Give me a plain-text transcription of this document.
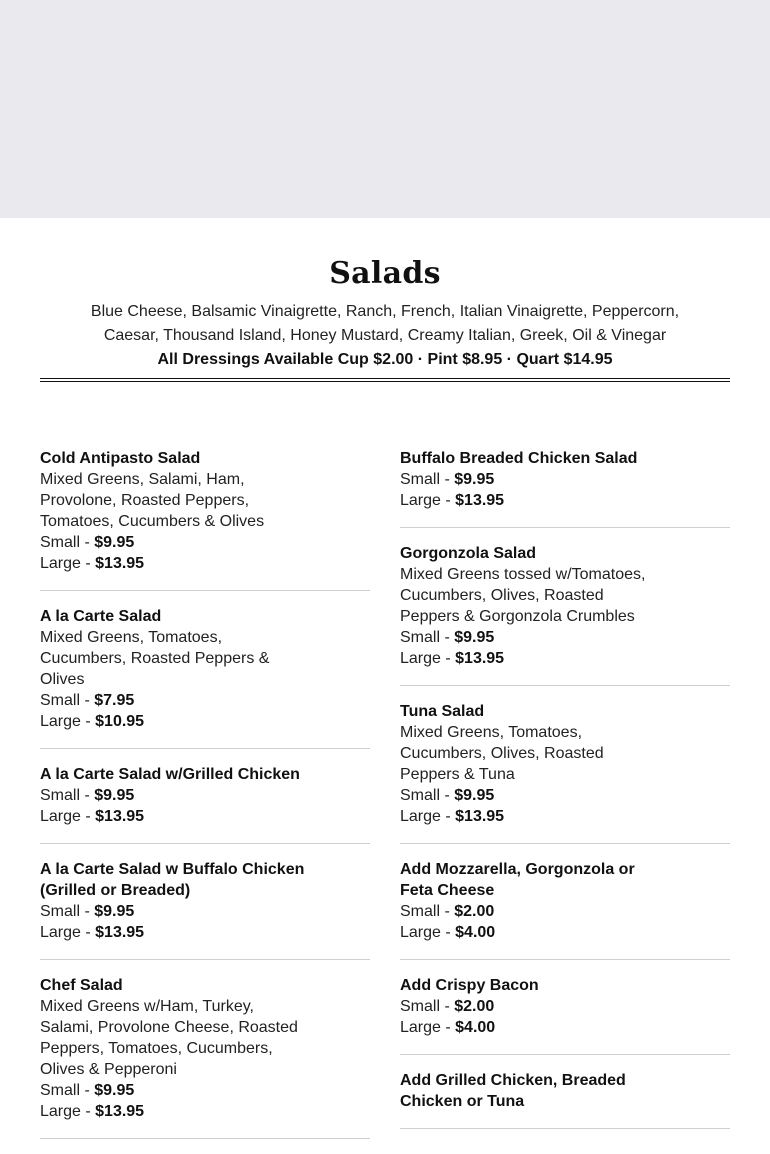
Salads
Blue Cheese, Balsamic Vinaigrette, Ranch, French, Italian Vinaigrette, Peppercorn,
Caesar, Thousand Island, Honey Mustard, Creamy Italian, Greek, Oil & Vinegar
All Dressings Available Cup $2.00 · Pint $8.95 · Quart $14.95
Cold Antipasto Salad
Mixed Greens, Salami, Ham, Provolone, Roasted Peppers, Tomatoes, Cucumbers & Olives
Small - $9.95
Large - $13.95
A la Carte Salad
Mixed Greens, Tomatoes, Cucumbers, Roasted Peppers & Olives
Small - $7.95
Large - $10.95
A la Carte Salad w/Grilled Chicken
Small - $9.95
Large - $13.95
A la Carte Salad w Buffalo Chicken (Grilled or Breaded)
Small - $9.95
Large - $13.95
Chef Salad
Mixed Greens w/Ham, Turkey, Salami, Provolone Cheese, Roasted Peppers, Tomatoes, Cucumbers, Olives & Pepperoni
Small - $9.95
Large - $13.95
Buffalo Breaded Chicken Salad
Small - $9.95
Large - $13.95
Gorgonzola Salad
Mixed Greens tossed w/Tomatoes, Cucumbers, Olives, Roasted Peppers & Gorgonzola Crumbles
Small - $9.95
Large - $13.95
Tuna Salad
Mixed Greens, Tomatoes, Cucumbers, Olives, Roasted Peppers & Tuna
Small - $9.95
Large - $13.95
Add Mozzarella, Gorgonzola or Feta Cheese
Small - $2.00
Large - $4.00
Add Crispy Bacon
Small - $2.00
Large - $4.00
Add Grilled Chicken, Breaded Chicken or Tuna
